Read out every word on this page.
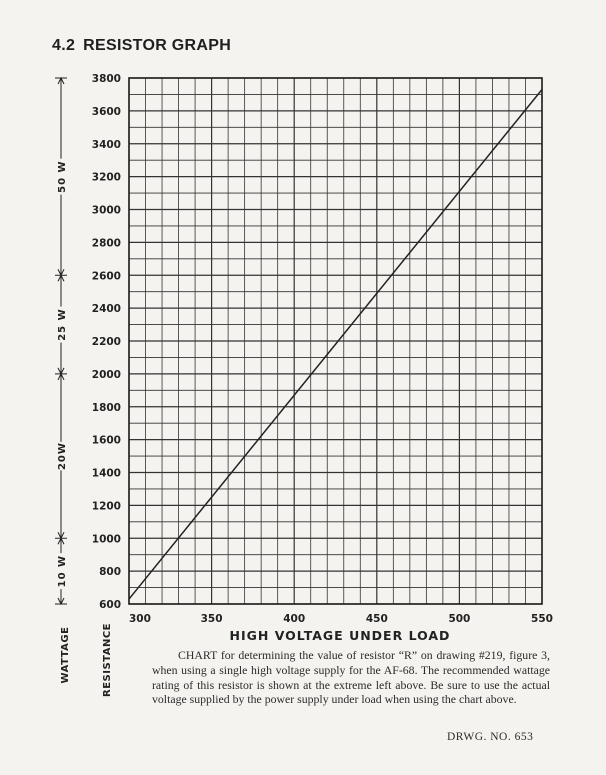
4.2 RESISTOR GRAPH
10 W
20W
25 W
50 W
600
800
1000
1200
1400
1600
1800
2000
2200
2400
2600
2800
3000
3200
3400
3600
3800
300	350	400	450	500	550
HIGH VOLTAGE UNDER LOAD
RESISTANCE
WATTAGE	CHART for determining the value of resistor “R” on drawing #219, figure 3, when using a single high voltage supply for the AF-68. The recommended wattage rating of this resistor is shown at the extreme left above. Be sure to use the actual voltage supplied by the power supply under load when using the chart above.

DRWG. NO. 653
